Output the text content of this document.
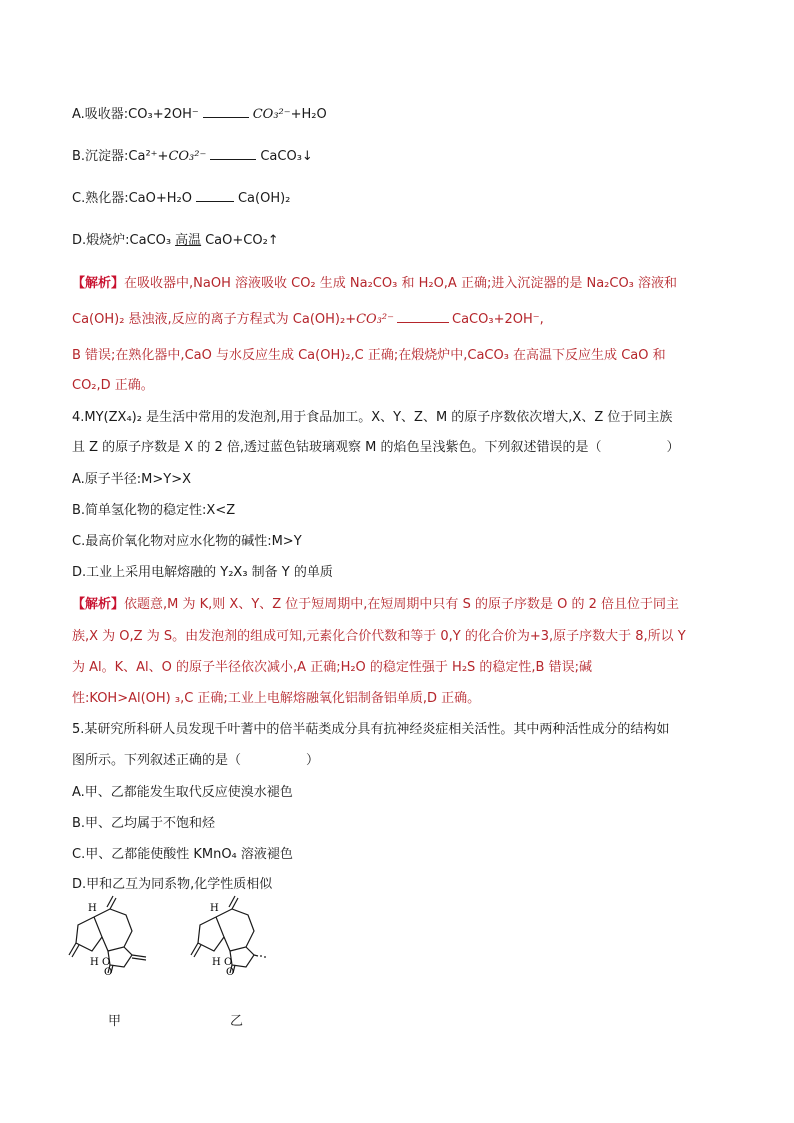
A.吸收器:CO₃+2OH⁻	CO₃²⁻+H₂O
B.沉淀器:Ca²⁺+CO₃²⁻	CaCO₃↓
C.熟化器:CaO+H₂O	Ca(OH)₂
D.煅烧炉:CaCO₃ 高温 CaO+CO₂↑
【解析】在吸收器中,NaOH 溶液吸收 CO₂ 生成 Na₂CO₃ 和 H₂O,A 正确;进入沉淀器的是 Na₂CO₃ 溶液和
Ca(OH)₂ 悬浊液,反应的离子方程式为 Ca(OH)₂+CO₃²⁻	CaCO₃+2OH⁻,
B 错误;在熟化器中,CaO 与水反应生成 Ca(OH)₂,C 正确;在煅烧炉中,CaCO₃ 在高温下反应生成 CaO 和
CO₂,D 正确。
4.MY(ZX₄)₂ 是生活中常用的发泡剂,用于食品加工。X、Y、Z、M 的原子序数依次增大,X、Z 位于同主族
且 Z 的原子序数是 X 的 2 倍,透过蓝色钴玻璃观察 M 的焰色呈浅紫色。下列叙述错误的是（　　　　　）
A.原子半径:M>Y>X
B.简单氢化物的稳定性:X<Z
C.最高价氧化物对应水化物的碱性:M>Y
D.工业上采用电解熔融的 Y₂X₃ 制备 Y 的单质
【解析】依题意,M 为 K,则 X、Y、Z 位于短周期中,在短周期中只有 S 的原子序数是 O 的 2 倍且位于同主
族,X 为 O,Z 为 S。由发泡剂的组成可知,元素化合价代数和等于 0,Y 的化合价为+3,原子序数大于 8,所以 Y
为 Al。K、Al、O 的原子半径依次减小,A 正确;H₂O 的稳定性强于 H₂S 的稳定性,B 错误;碱
性:KOH>Al(OH) ₃,C 正确;工业上电解熔融氧化铝制备铝单质,D 正确。
5.某研究所科研人员发现千叶蓍中的倍半萜类成分具有抗神经炎症相关活性。其中两种活性成分的结构如
图所示。下列叙述正确的是（　　　　　）
A.甲、乙都能发生取代反应使溴水褪色
B.甲、乙均属于不饱和烃
C.甲、乙都能使酸性 KMnO₄ 溶液褪色
D.甲和乙互为同系物,化学性质相似
H
H O
O
H
H O
O
甲	乙
